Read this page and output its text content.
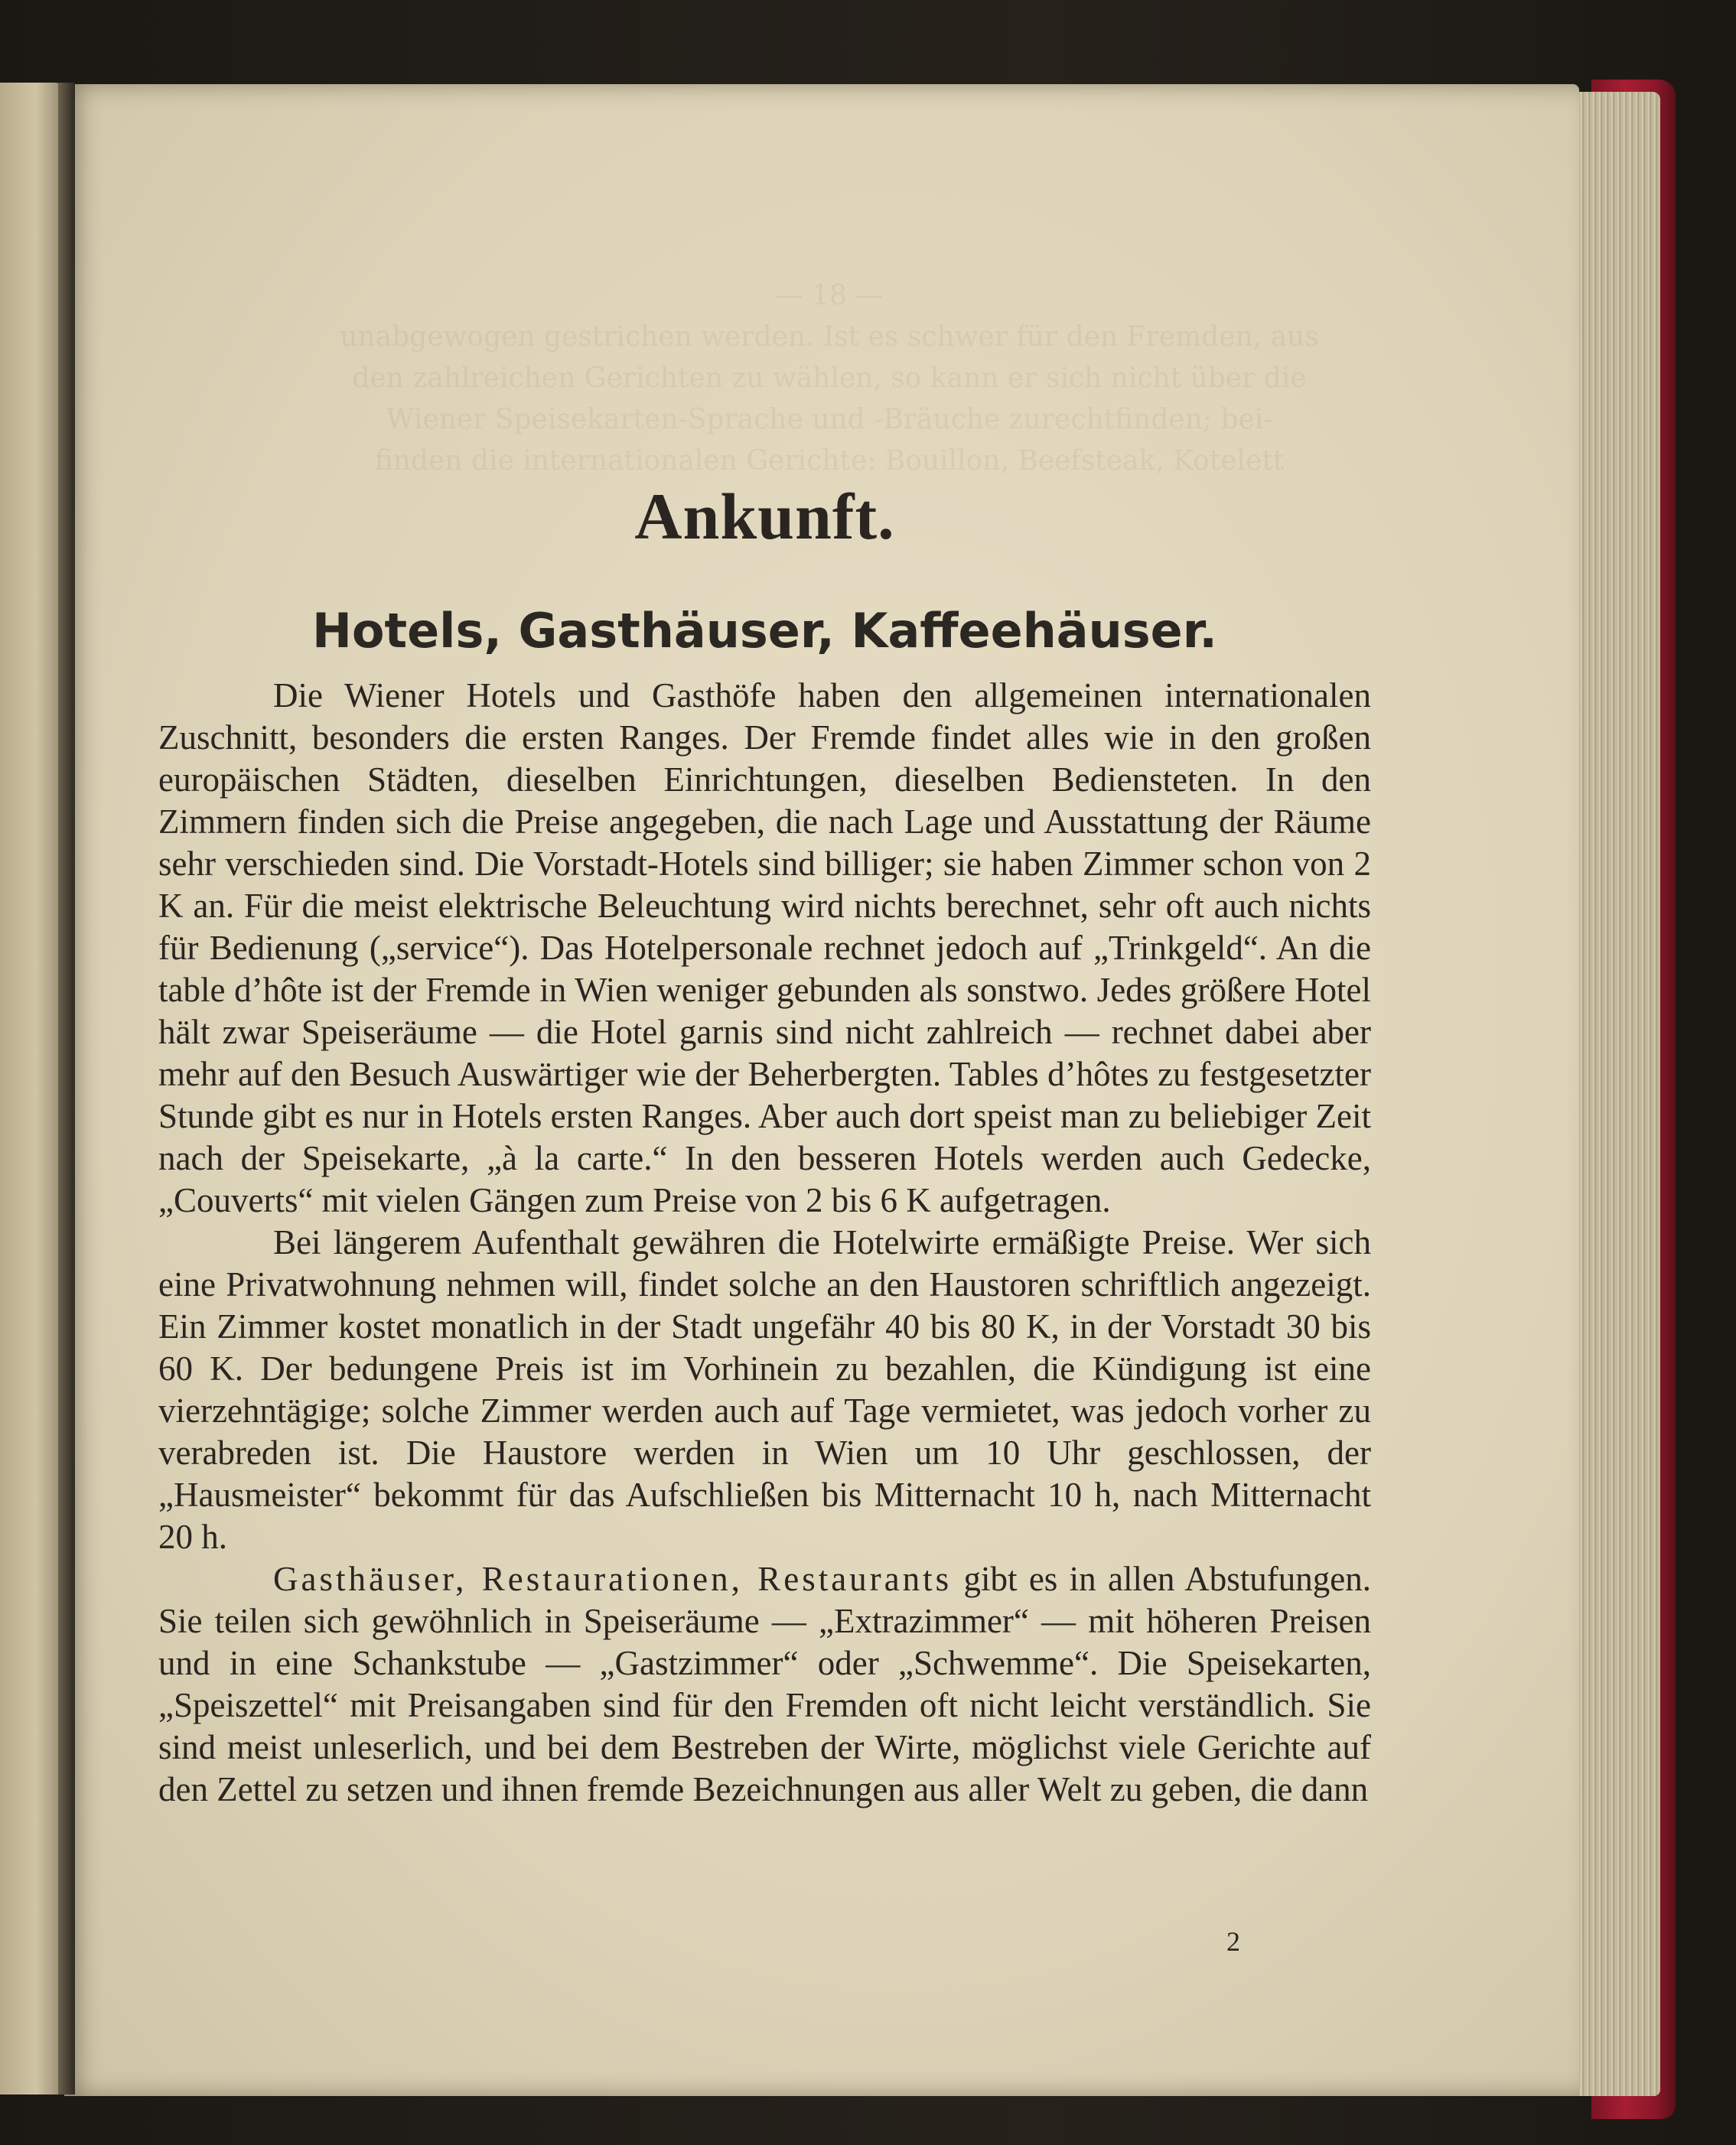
— 18 —
unabgewogen gestrichen werden. Ist es schwer für den Fremden, aus
den zahlreichen Gerichten zu wählen, so kann er sich nicht über die
Wiener Speisekarten-Sprache und -Bräuche zurechtfinden; bei-
finden die internationalen Gerichte: Bouillon, Beefsteak, Kotelett
Ankunft.
Hotels, Gasthäuser, Kaffeehäuser.

Die Wiener Hotels und Gasthöfe haben den allgemeinen internationalen Zuschnitt, besonders die ersten Ranges. Der Fremde findet alles wie in den großen europäischen Städten, dieselben Einrichtungen, dieselben Bediensteten. In den Zimmern finden sich die Preise angegeben, die nach Lage und Ausstattung der Räume sehr verschieden sind. Die Vorstadt-Hotels sind billiger; sie haben Zimmer schon von 2 K an. Für die meist elektrische Beleuchtung wird nichts berechnet, sehr oft auch nichts für Bedienung („service“). Das Hotelpersonale rechnet jedoch auf „Trinkgeld“. An die table d’hôte ist der Fremde in Wien weniger gebunden als sonstwo. Jedes größere Hotel hält zwar Speiseräume — die Hotel garnis sind nicht zahlreich — rechnet dabei aber mehr auf den Besuch Auswärtiger wie der Beherbergten. Tables d’hôtes zu festgesetzter Stunde gibt es nur in Hotels ersten Ranges. Aber auch dort speist man zu beliebiger Zeit nach der Speisekarte, „à la carte.“ In den besseren Hotels werden auch Gedecke, „Couverts“ mit vielen Gängen zum Preise von 2 bis 6 K aufgetragen.

Bei längerem Aufenthalt gewähren die Hotelwirte ermäßigte Preise. Wer sich eine Privatwohnung nehmen will, findet solche an den Haustoren schriftlich angezeigt. Ein Zimmer kostet monatlich in der Stadt ungefähr 40 bis 80 K, in der Vorstadt 30 bis 60 K. Der bedungene Preis ist im Vorhinein zu bezahlen, die Kündigung ist eine vierzehntägige; solche Zimmer werden auch auf Tage vermietet, was jedoch vorher zu verabreden ist. Die Haustore werden in Wien um 10 Uhr geschlossen, der „Hausmeister“ bekommt für das Aufschließen bis Mitternacht 10 h, nach Mitternacht 20 h.

Gasthäuser, Restaurationen, Restaurants gibt es in allen Abstufungen. Sie teilen sich gewöhnlich in Speiseräume — „Extrazimmer“ — mit höheren Preisen und in eine Schankstube — „Gastzimmer“ oder „Schwemme“. Die Speisekarten, „Speiszettel“ mit Preisangaben sind für den Fremden oft nicht leicht verständlich. Sie sind meist unleserlich, und bei dem Bestreben der Wirte, möglichst viele Gerichte auf den Zettel zu setzen und ihnen fremde Bezeichnungen aus aller Welt zu geben, die dann

2
